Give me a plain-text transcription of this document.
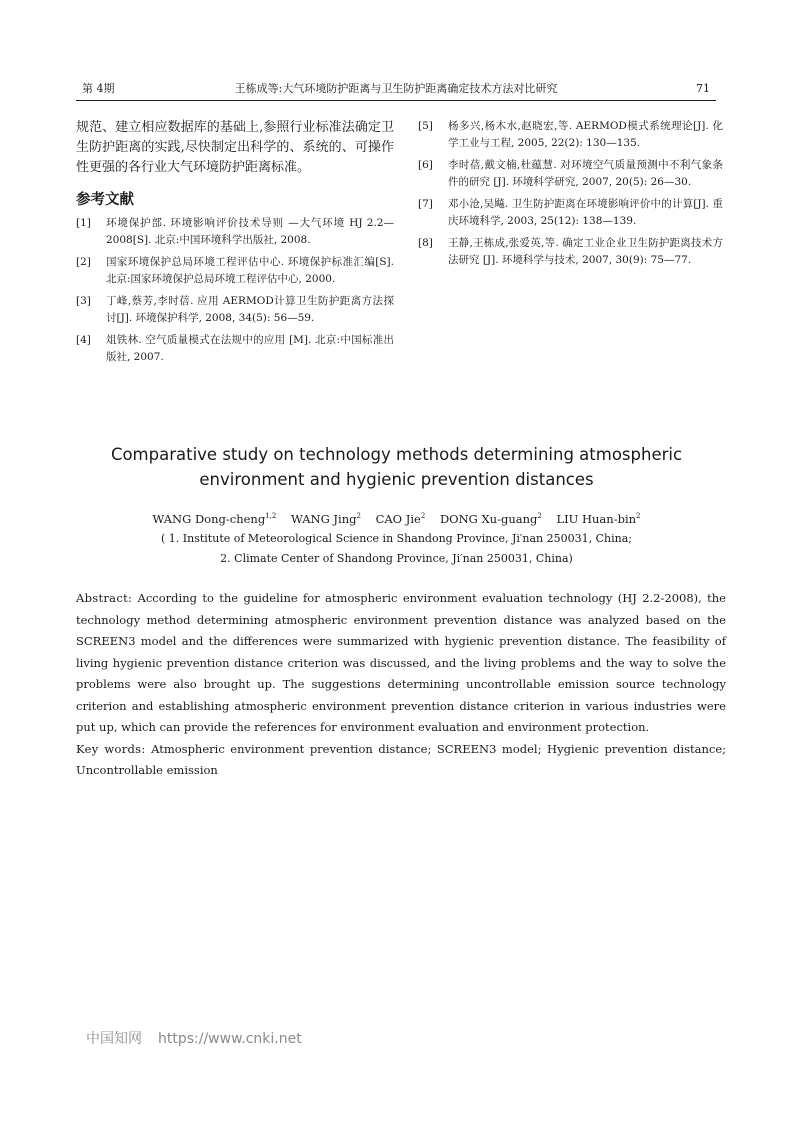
第 4期	王栋成等:大气环境防护距离与卫生防护距离确定技术方法对比研究	71

规范、建立相应数据库的基础上,参照行业标准法确定卫生防护距离的实践,尽快制定出科学的、系统的、可操作性更强的各行业大气环境防护距离标准。

参考文献
[1] 环境保护部. 环境影响评价技术导则 —大气环境 HJ 2.2—2008[S]. 北京:中国环境科学出版社, 2008.
[2] 国家环境保护总局环境工程评估中心. 环境保护标准汇编[S]. 北京:国家环境保护总局环境工程评估中心, 2000.
[3] 丁峰,蔡芳,李时蓓. 应用 AERMOD计算卫生防护距离方法探讨[J]. 环境保护科学, 2008, 34(5): 56—59.
[4] 俎铁林. 空气质量模式在法规中的应用 [M]. 北京:中国标准出版社, 2007.
[5] 杨多兴,杨木水,赵晓宏,等. AERMOD模式系统理论[J]. 化学工业与工程, 2005, 22(2): 130—135.
[6] 李时蓓,戴文楠,杜蕴慧. 对环境空气质量预测中不利气象条件的研究 [J]. 环境科学研究, 2007, 20(5): 26—30.
[7] 邓小沧,吴飚. 卫生防护距离在环境影响评价中的计算[J]. 重庆环境科学, 2003, 25(12): 138—139.
[8] 王静,王栋成,张爱英,等. 确定工业企业卫生防护距离技术方法研究 [J]. 环境科学与技术, 2007, 30(9): 75—77.
Comparative study on technology methods determining atmospheric
environment and hygienic prevention distances
WANG Dong-cheng$^{1,2}$ WANG Jing$^2$ CAO Jie$^2$ DONG Xu-guang$^2$ LIU Huan-bin$^2$
( 1. Institute of Meteorological Science in Shandong Province, Ji′nan 250031, China;
2. Climate Center of Shandong Province, Ji′nan 250031, China)
Abstract: According to the guideline for atmospheric environment evaluation technology (HJ 2.2-2008), the technology method determining atmospheric environment prevention distance was analyzed based on the SCREEN3 model and the differences were summarized with hygienic prevention distance. The feasibility of living hygienic prevention distance criterion was discussed, and the living problems and the way to solve the problems were also brought up. The suggestions determining uncontrollable emission source technology criterion and establishing atmospheric environment prevention distance criterion in various industries were put up, which can provide the references for environment evaluation and environment protection.
Key words: Atmospheric environment prevention distance; SCREEN3 model; Hygienic prevention distance; Uncontrollable emission
中国知网 https://www.cnki.net
